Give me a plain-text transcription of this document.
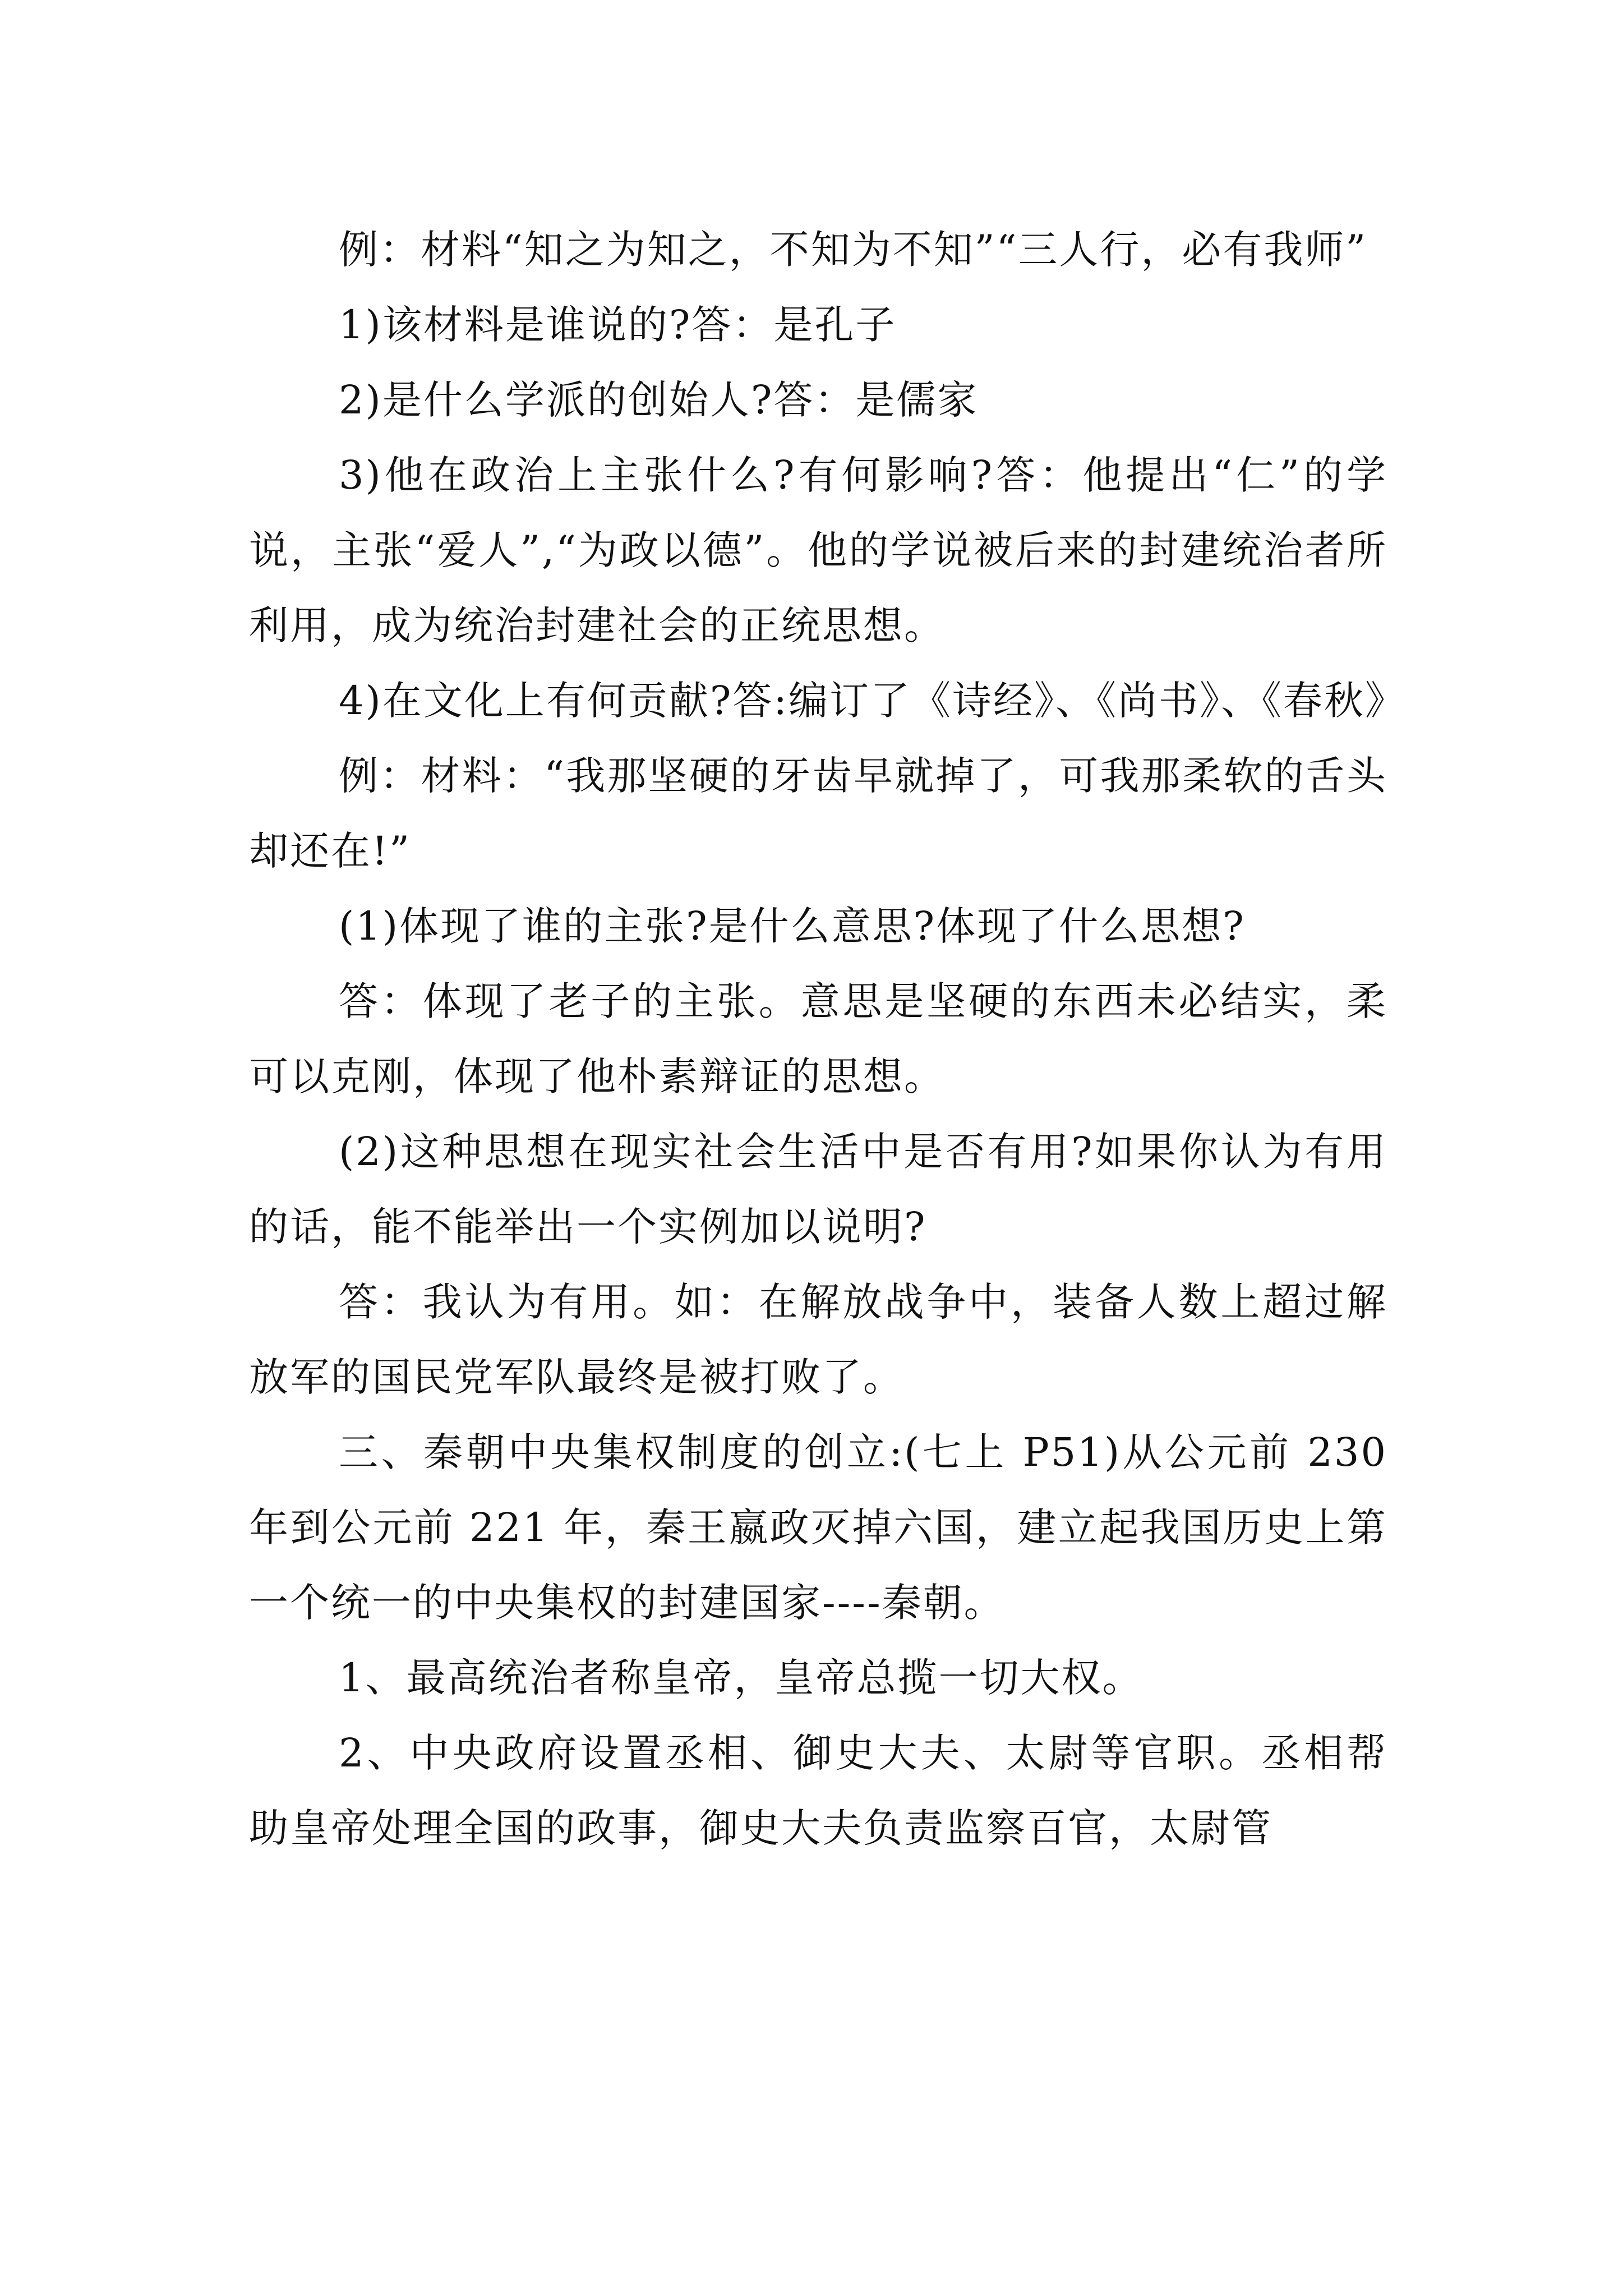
例：材料“知之为知之，不知为不知”“三人行，必有我师”

1)该材料是谁说的?答：是孔子

2)是什么学派的创始人?答：是儒家

3)他在政治上主张什么?有何影响?答：他提出“仁”的学说，主张“爱人”,“为政以德”。他的学说被后来的封建统治者所利用，成为统治封建社会的正统思想。

4)在文化上有何贡献?答:编订了《诗经》、《尚书》、《春秋》

例：材料：“我那坚硬的牙齿早就掉了，可我那柔软的舌头却还在!”

(1)体现了谁的主张?是什么意思?体现了什么思想?

答：体现了老子的主张。意思是坚硬的东西未必结实，柔可以克刚，体现了他朴素辩证的思想。

(2)这种思想在现实社会生活中是否有用?如果你认为有用的话，能不能举出一个实例加以说明?

答：我认为有用。如：在解放战争中，装备人数上超过解放军的国民党军队最终是被打败了。

三、秦朝中央集权制度的创立:(七上 P51)从公元前 230 年到公元前 221 年，秦王嬴政灭掉六国，建立起我国历史上第一个统一的中央集权的封建国家----秦朝。

1、最高统治者称皇帝，皇帝总揽一切大权。

2、中央政府设置丞相、御史大夫、太尉等官职。丞相帮助皇帝处理全国的政事，御史大夫负责监察百官，太尉管
